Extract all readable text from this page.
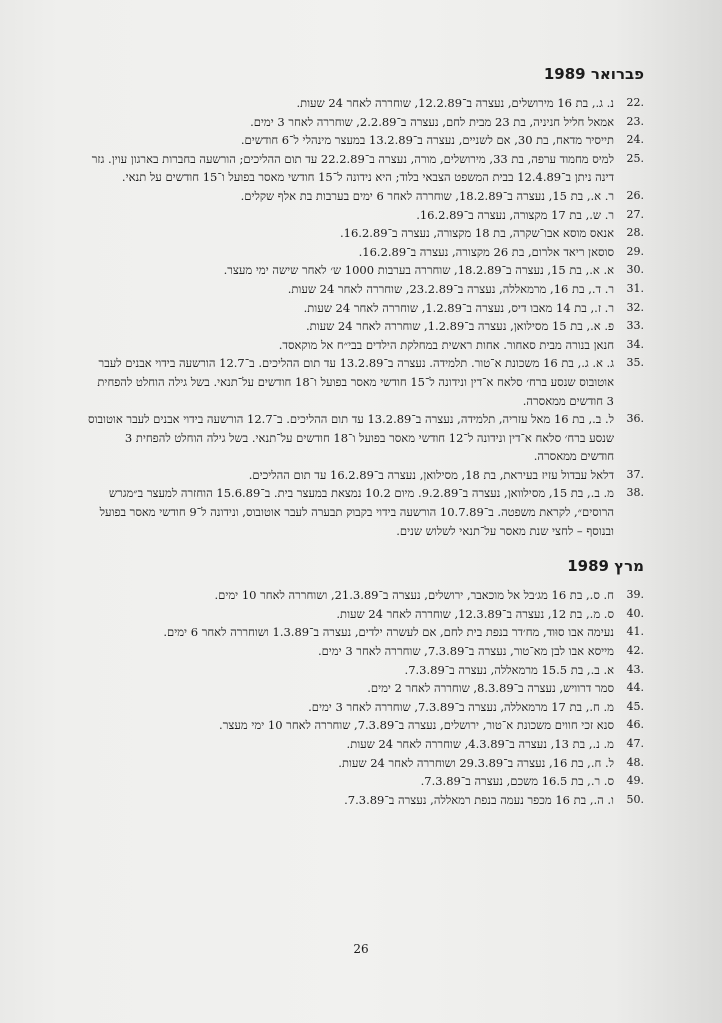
פברואר 1989
22.
נ. ג., בת 16 מירושלים, נעצרה ב־12.2.89, שוחררה לאחר 24 שעות.
23.
אמאל חליל חניניה, בת 23 מבית לחם, נעצרה ב־2.2.89, שוחררה לאחר 3 ימים.
24.
תייסיר מדאח, בת 30, אם לשניים, נעצרה ב־13.2.89 במעצר מינהלי ל־6 חודשים.
25.
למיס מחמוד ערפה, בת 33, מירושלים, מורה, נעצרה ב־22.2.89 עד תום ההליכים; הורשעה בחברות בארגון עוין. גזר דינה ניתן ב־12.4.89 בבית המשפט הצבאי בלוד; היא נידונה ל־15 חודשי מאסר בפועל ו־15 חודשים על תנאי.
26.
ר. א., בת 15, נעצרה ב־18.2.89, שוחררה לאחר 6 ימים בערבות בת אלף שקלים.
27.
ר. ש., בת 17 מקצורה, נעצרה ב־16.2.89.
28.
אנאס מוסא אבו־שקרה, בת 18 מקצורה, נעצרה ב־16.2.89.
29.
סוסאן ריאד אלרום, בת 26 מקצורה, נעצרה ב־16.2.89.
30.
א. א., בת 15, נעצרה ב־18.2.89, שוחררה בערבות 1000 ש׳ לאחר שישה ימי מעצר.
31.
ר. ד., בת 16, מרמאללה, נעצרה ב־23.2.89, שוחררה לאחר 24 שעות.
32.
ר. ז., בת 14 מאבו דיס, נעצרה ב־1.2.89, שוחררה לאחר 24 שעות.
33.
פ. א., בת 15 מסילואן, נעצרה ב־1.2.89, שוחררה לאחר 24 שעות.
34.
חנאן בנורה מבית סאחור. אחות ראשית במחלקת הילדים בבי״ח אל מוקאסד.
35.
ג. א. ג., בת 16 משכונת א־טור. תלמידה. נעצרה ב־13.2.89 עד תום ההליכים. ב־12.7 הורשעה בידוי אבנים לעבר אוטובוס שנסע ברח׳ סלאח א־דין ונידונה ל־15 חודשי מאסר בפועל ו־18 חודשים על־תנאי. בשל גילה הוחלט להפחית 3 חודשים ממאסרה.
36.
ל. ב., בת 16 מאל עזריה, תלמידה, נעצרה ב־13.2.89 עד תום ההליכים. ב־12.7 הורשעה בידוי אבנים לעבר אוטובוס שנסע ברח׳ סלאח א־דין ונידונה ל־12 חודשי מאסר בפועל ו־18 חודשים על־תנאי. בשל גילה הוחלט להפחית 3 חודשים ממאסרה.
37.
דלאל עבדול עזיז בעיראת, בת 18, מסילואן, נעצרה ב־16.2.89 עד תום ההליכים.
38.
מ. ב., בת 15, מסילוואן, נעצרה ב־9.2.89. מיום 10.2 נמצאת במעצר בית. ב־15.6.89 הוחזרה למעצר ב״מגרש הרוסים״, לקראת משפטה. ב־10.7.89 הורשעה בידוי בקבוק תבערה לעבר אוטובוס, ונידונה ל־9 חודשי מאסר בפועל ובנוסף – לחצי שנת מאסר על־תנאי לשלוש שנים.
מרץ 1989
39.
ח. ס., בת 16 מג׳בל אל מוכאבר, ירושלים, נעצרה ב־21.3.89, ושוחררה לאחר 10 ימים.
40.
ס. מ., בת 12, נעצרה ב־12.3.89, שוחררה לאחר 24 שעות.
41.
נעימה אבו סוּוד, מח׳דר בנפת בית לחם, אם לעשרה ילדים, נעצרה ב־1.3.89 ושוחררה לאחר 6 ימים.
42.
מייסא אבו לבן מא־טור, נעצרה ב־7.3.89, שוחררה לאחר 3 ימים.
43.
א. ב., בת 15.5 מרמאללה, נעצרה ב־7.3.89.
44.
סמר דרוויש, נעצרה ב־8.3.89, שוחררה לאחר 2 ימים.
45.
מ. ח., בת 17 מרמאללה, נעצרה ב־7.3.89, שוחררה לאחר 3 ימים.
46.
סנא זכי חווים משכונת א־טור, ירושלים, נעצרה ב־7.3.89, שוחררה לאחר 10 ימי מעצר.
47.
מ. נ., בת 13, נעצרה ב־4.3.89, שוחררה לאחר 24 שעות.
48.
ל. ח., בת 16, נעצרה ב־29.3.89 ושוחררה לאחר 24 שעות.
49.
ס. ר., בת 16.5 משכם, נעצרה ב־7.3.89.
50.
ו. ה., בת 16 מכפר נעמה בנפת רמאללה, נעצרה ב־7.3.89.
26
